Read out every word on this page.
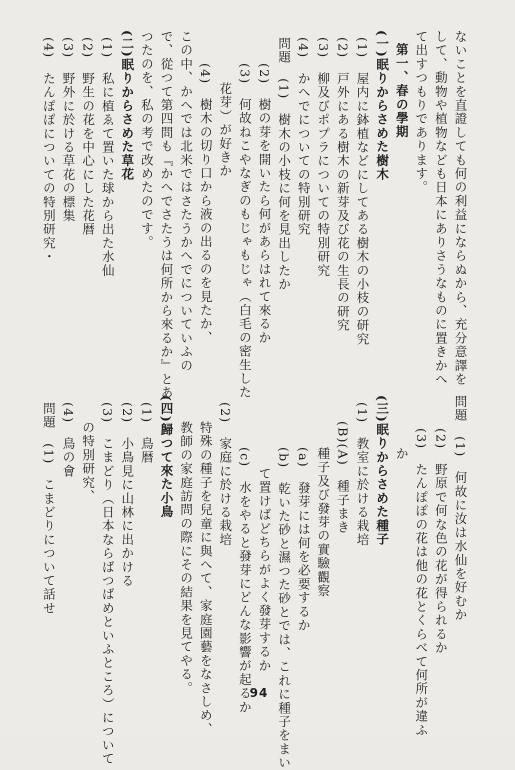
ないことを直證しても何の利益にならぬから、充分意譯を
して、動物や植物なども日本にありさうなものに置きかへ
て出すつもりであります。
第一、春の學期
(一)眠りからさめた樹木
(1)　屋内に鉢植などにしてある樹木の小枝の研究
(2)　戸外にある樹木の新芽及び花の生長の研究
(3)　柳及びポプラについての特別研究
(4)　かへでについての特別研究
問題　(1)　樹木の小枝に何を見出したか
(2)　樹の芽を開いたら何があらはれて來るか
(3)　何故ねこやなぎのもじゃもじゃ（白毛の密生した
花芽）が好きか
(4)　樹木の切り口から液の出るのを見たか、
この中、かへでは北米ではさたうかへでについていふの
で、從つて第四問も『かへでさたうは何所から來るか』とあ
つたのを、私の考で改めたのです。
(二)眠りからさめた草花
(1)　私に植ゑて置いた球から出た水仙
(2)　野生の花を中心にした花暦
(3)　野外に於ける草花の標集
(4)　たんぽぽについての特別研究・
問題　(1)　何故に汝は水仙を好むか
(2)　野原で何な色の花が得られるか
(3)　たんぽぽの花は他の花とくらべて何所が違ふ
か
(三)眠りからさめた種子
(1)　教室に於ける栽培
(B)(A)　種子まき
種子及び發芽の實驗觀察
(a)　發芽には何を必要するか
(b)　乾いた砂と濕つた砂とでは、これに種子をまい
て置けばどちらがよく發芽するか
(c)　水をやると發芽にどんな影響が起るか
(2)　家庭に於ける栽培
特殊の種子を兒童に與へて、家庭園藝をなさしめ、
教師の家庭訪問の際にその結果を見てやる。
(四)歸つて來た小鳥
(1)　鳥暦
(2)　小鳥見に山林に出かける
(3)　こまどり（日本ならばつばめといふところ）について
の特別研究、
(4)　鳥の會
問題　(1)　こまどりについて話せ
94
